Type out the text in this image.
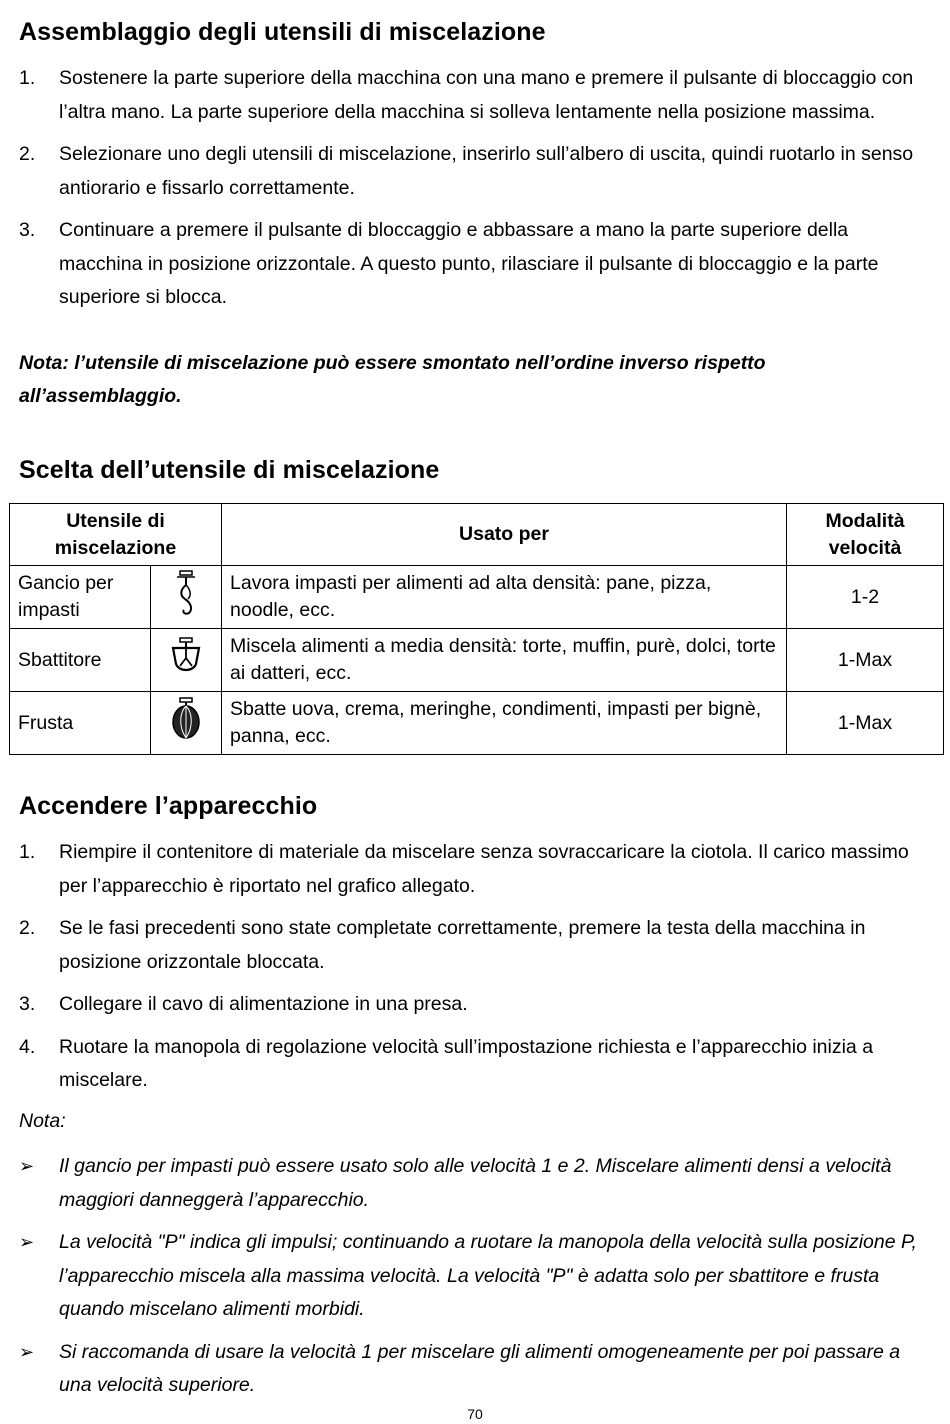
Assemblaggio degli utensili di miscelazione
1. Sostenere la parte superiore della macchina con una mano e premere il pulsante di bloccaggio con l’altra mano. La parte superiore della macchina si solleva lentamente nella posizione massima.
2. Selezionare uno degli utensili di miscelazione, inserirlo sull’albero di uscita, quindi ruotarlo in senso antiorario e fissarlo correttamente.
3. Continuare a premere il pulsante di bloccaggio e abbassare a mano la parte superiore della macchina in posizione orizzontale. A questo punto, rilasciare il pulsante di bloccaggio e la parte superiore si blocca.
Nota: l’utensile di miscelazione può essere smontato nell’ordine inverso rispetto all’assemblaggio.
Scelta dell’utensile di miscelazione
Utensile di miscelazione		Usato per	Modalità velocità
Gancio per impasti		Lavora impasti per alimenti ad alta densità: pane, pizza, noodle, ecc.	1-2
Sbattitore		Miscela alimenti a media densità: torte, muffin, purè, dolci, torte ai datteri, ecc.	1-Max
Frusta		Sbatte uova, crema, meringhe, condimenti, impasti per bignè, panna, ecc.	1-Max
Accendere l’apparecchio
1. Riempire il contenitore di materiale da miscelare senza sovraccaricare la ciotola. Il carico massimo per l’apparecchio è riportato nel grafico allegato.
2. Se le fasi precedenti sono state completate correttamente, premere la testa della macchina in posizione orizzontale bloccata.
3. Collegare il cavo di alimentazione in una presa.
4. Ruotare la manopola di regolazione velocità sull’impostazione richiesta e l’apparecchio inizia a miscelare.
Nota:
➢ Il gancio per impasti può essere usato solo alle velocità 1 e 2. Miscelare alimenti densi a velocità maggiori danneggerà l’apparecchio.
➢ La velocità "P" indica gli impulsi; continuando a ruotare la manopola della velocità sulla posizione P, l’apparecchio miscela alla massima velocità. La velocità "P" è adatta solo per sbattitore e frusta quando miscelano alimenti morbidi.
➢ Si raccomanda di usare la velocità 1 per miscelare gli alimenti omogeneamente per poi passare a una velocità superiore.
70
